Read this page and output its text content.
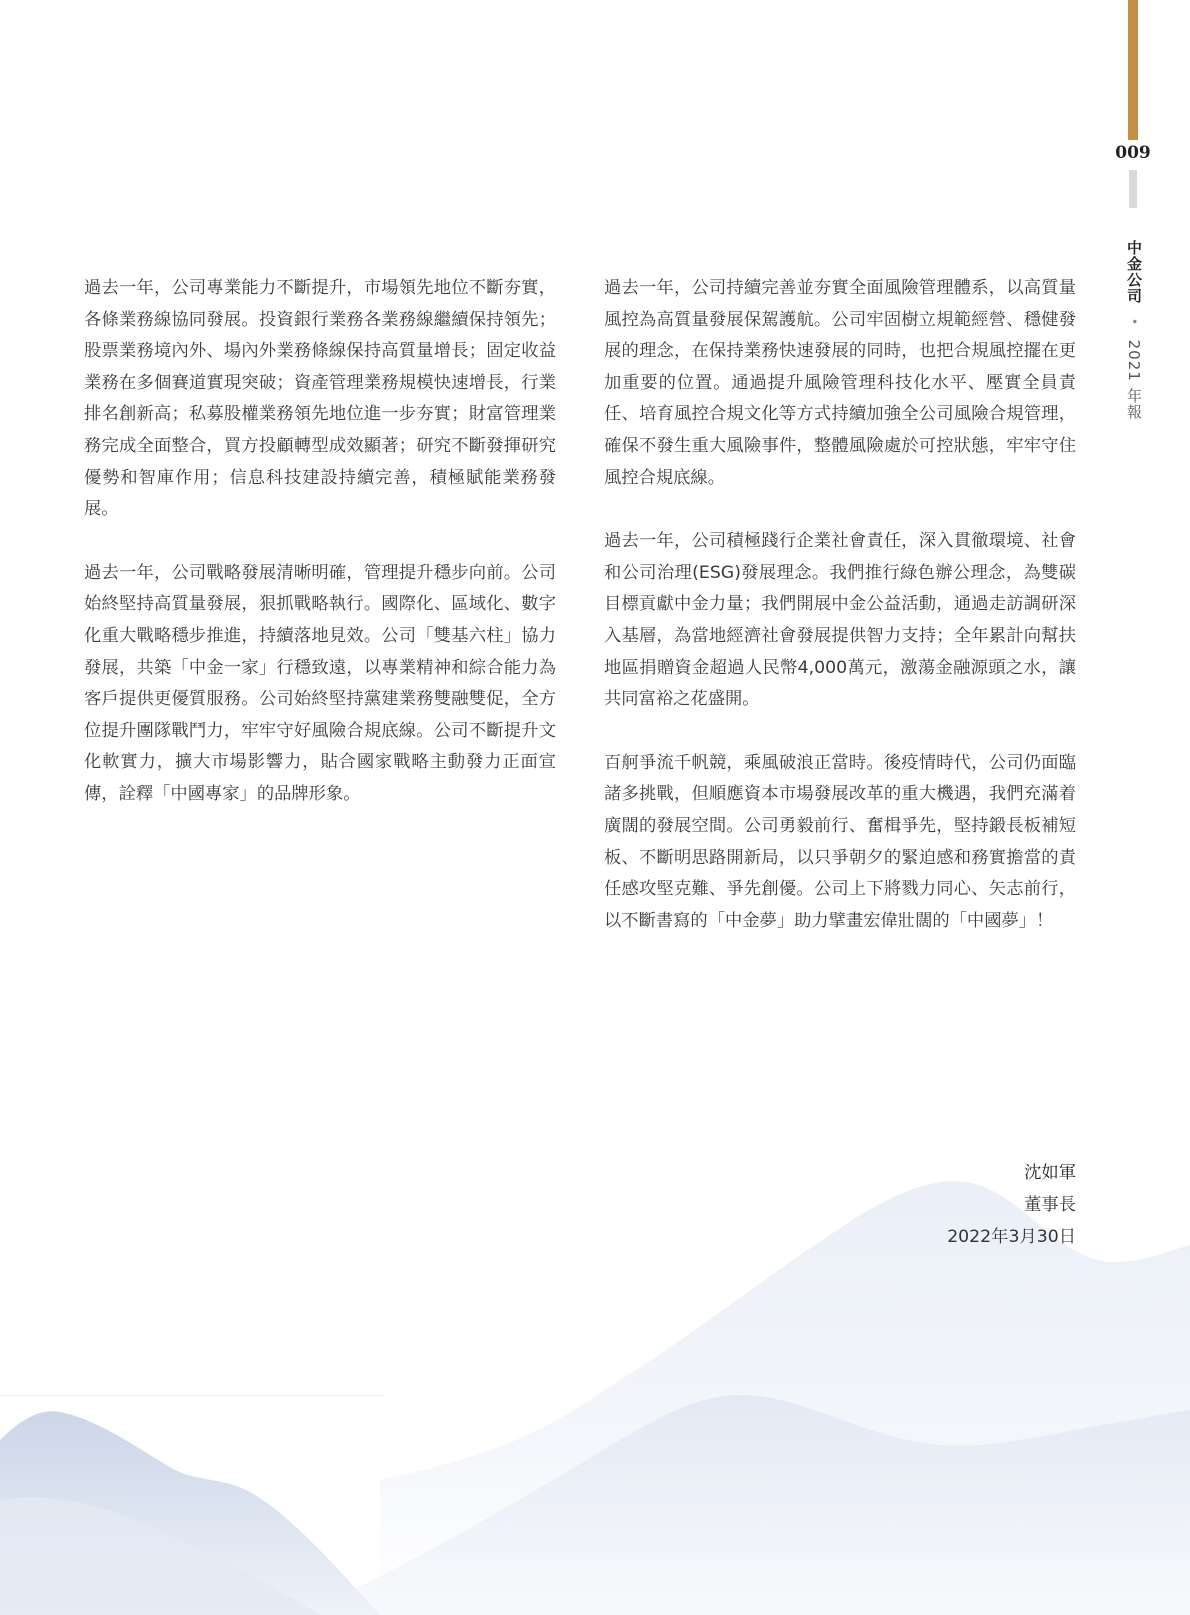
009
中金公司 • 2021 年報

過去一年，公司專業能力不斷提升，市場領先地位不斷夯實，各條業務線協同發展。投資銀行業務各業務線繼續保持領先；股票業務境內外、場內外業務條線保持高質量增長；固定收益業務在多個賽道實現突破；資產管理業務規模快速增長，行業排名創新高；私募股權業務領先地位進一步夯實；財富管理業務完成全面整合，買方投顧轉型成效顯著；研究不斷發揮研究優勢和智庫作用；信息科技建設持續完善，積極賦能業務發展。

過去一年，公司戰略發展清晰明確，管理提升穩步向前。公司始終堅持高質量發展，狠抓戰略執行。國際化、區域化、數字化重大戰略穩步推進，持續落地見效。公司「雙基六柱」協力發展，共築「中金一家」行穩致遠，以專業精神和綜合能力為客戶提供更優質服務。公司始終堅持黨建業務雙融雙促，全方位提升團隊戰鬥力，牢牢守好風險合規底線。公司不斷提升文化軟實力，擴大市場影響力，貼合國家戰略主動發力正面宣傳，詮釋「中國專家」的品牌形象。

過去一年，公司持續完善並夯實全面風險管理體系，以高質量風控為高質量發展保駕護航。公司牢固樹立規範經營、穩健發展的理念，在保持業務快速發展的同時，也把合規風控擺在更加重要的位置。通過提升風險管理科技化水平、壓實全員責任、培育風控合規文化等方式持續加強全公司風險合規管理，確保不發生重大風險事件，整體風險處於可控狀態，牢牢守住風控合規底線。

過去一年，公司積極踐行企業社會責任，深入貫徹環境、社會和公司治理(ESG)發展理念。我們推行綠色辦公理念，為雙碳目標貢獻中金力量；我們開展中金公益活動，通過走訪調研深入基層，為當地經濟社會發展提供智力支持；全年累計向幫扶地區捐贈資金超過人民幣4,000萬元，激蕩金融源頭之水，讓共同富裕之花盛開。

百舸爭流千帆競，乘風破浪正當時。後疫情時代，公司仍面臨諸多挑戰，但順應資本市場發展改革的重大機遇，我們充滿着廣闊的發展空間。公司勇毅前行、奮楫爭先，堅持鍛長板補短板、不斷明思路開新局，以只爭朝夕的緊迫感和務實擔當的責任感攻堅克難、爭先創優。公司上下將戮力同心、矢志前行，以不斷書寫的「中金夢」助力擘畫宏偉壯闊的「中國夢」！

沈如軍
董事長
2022年3月30日
